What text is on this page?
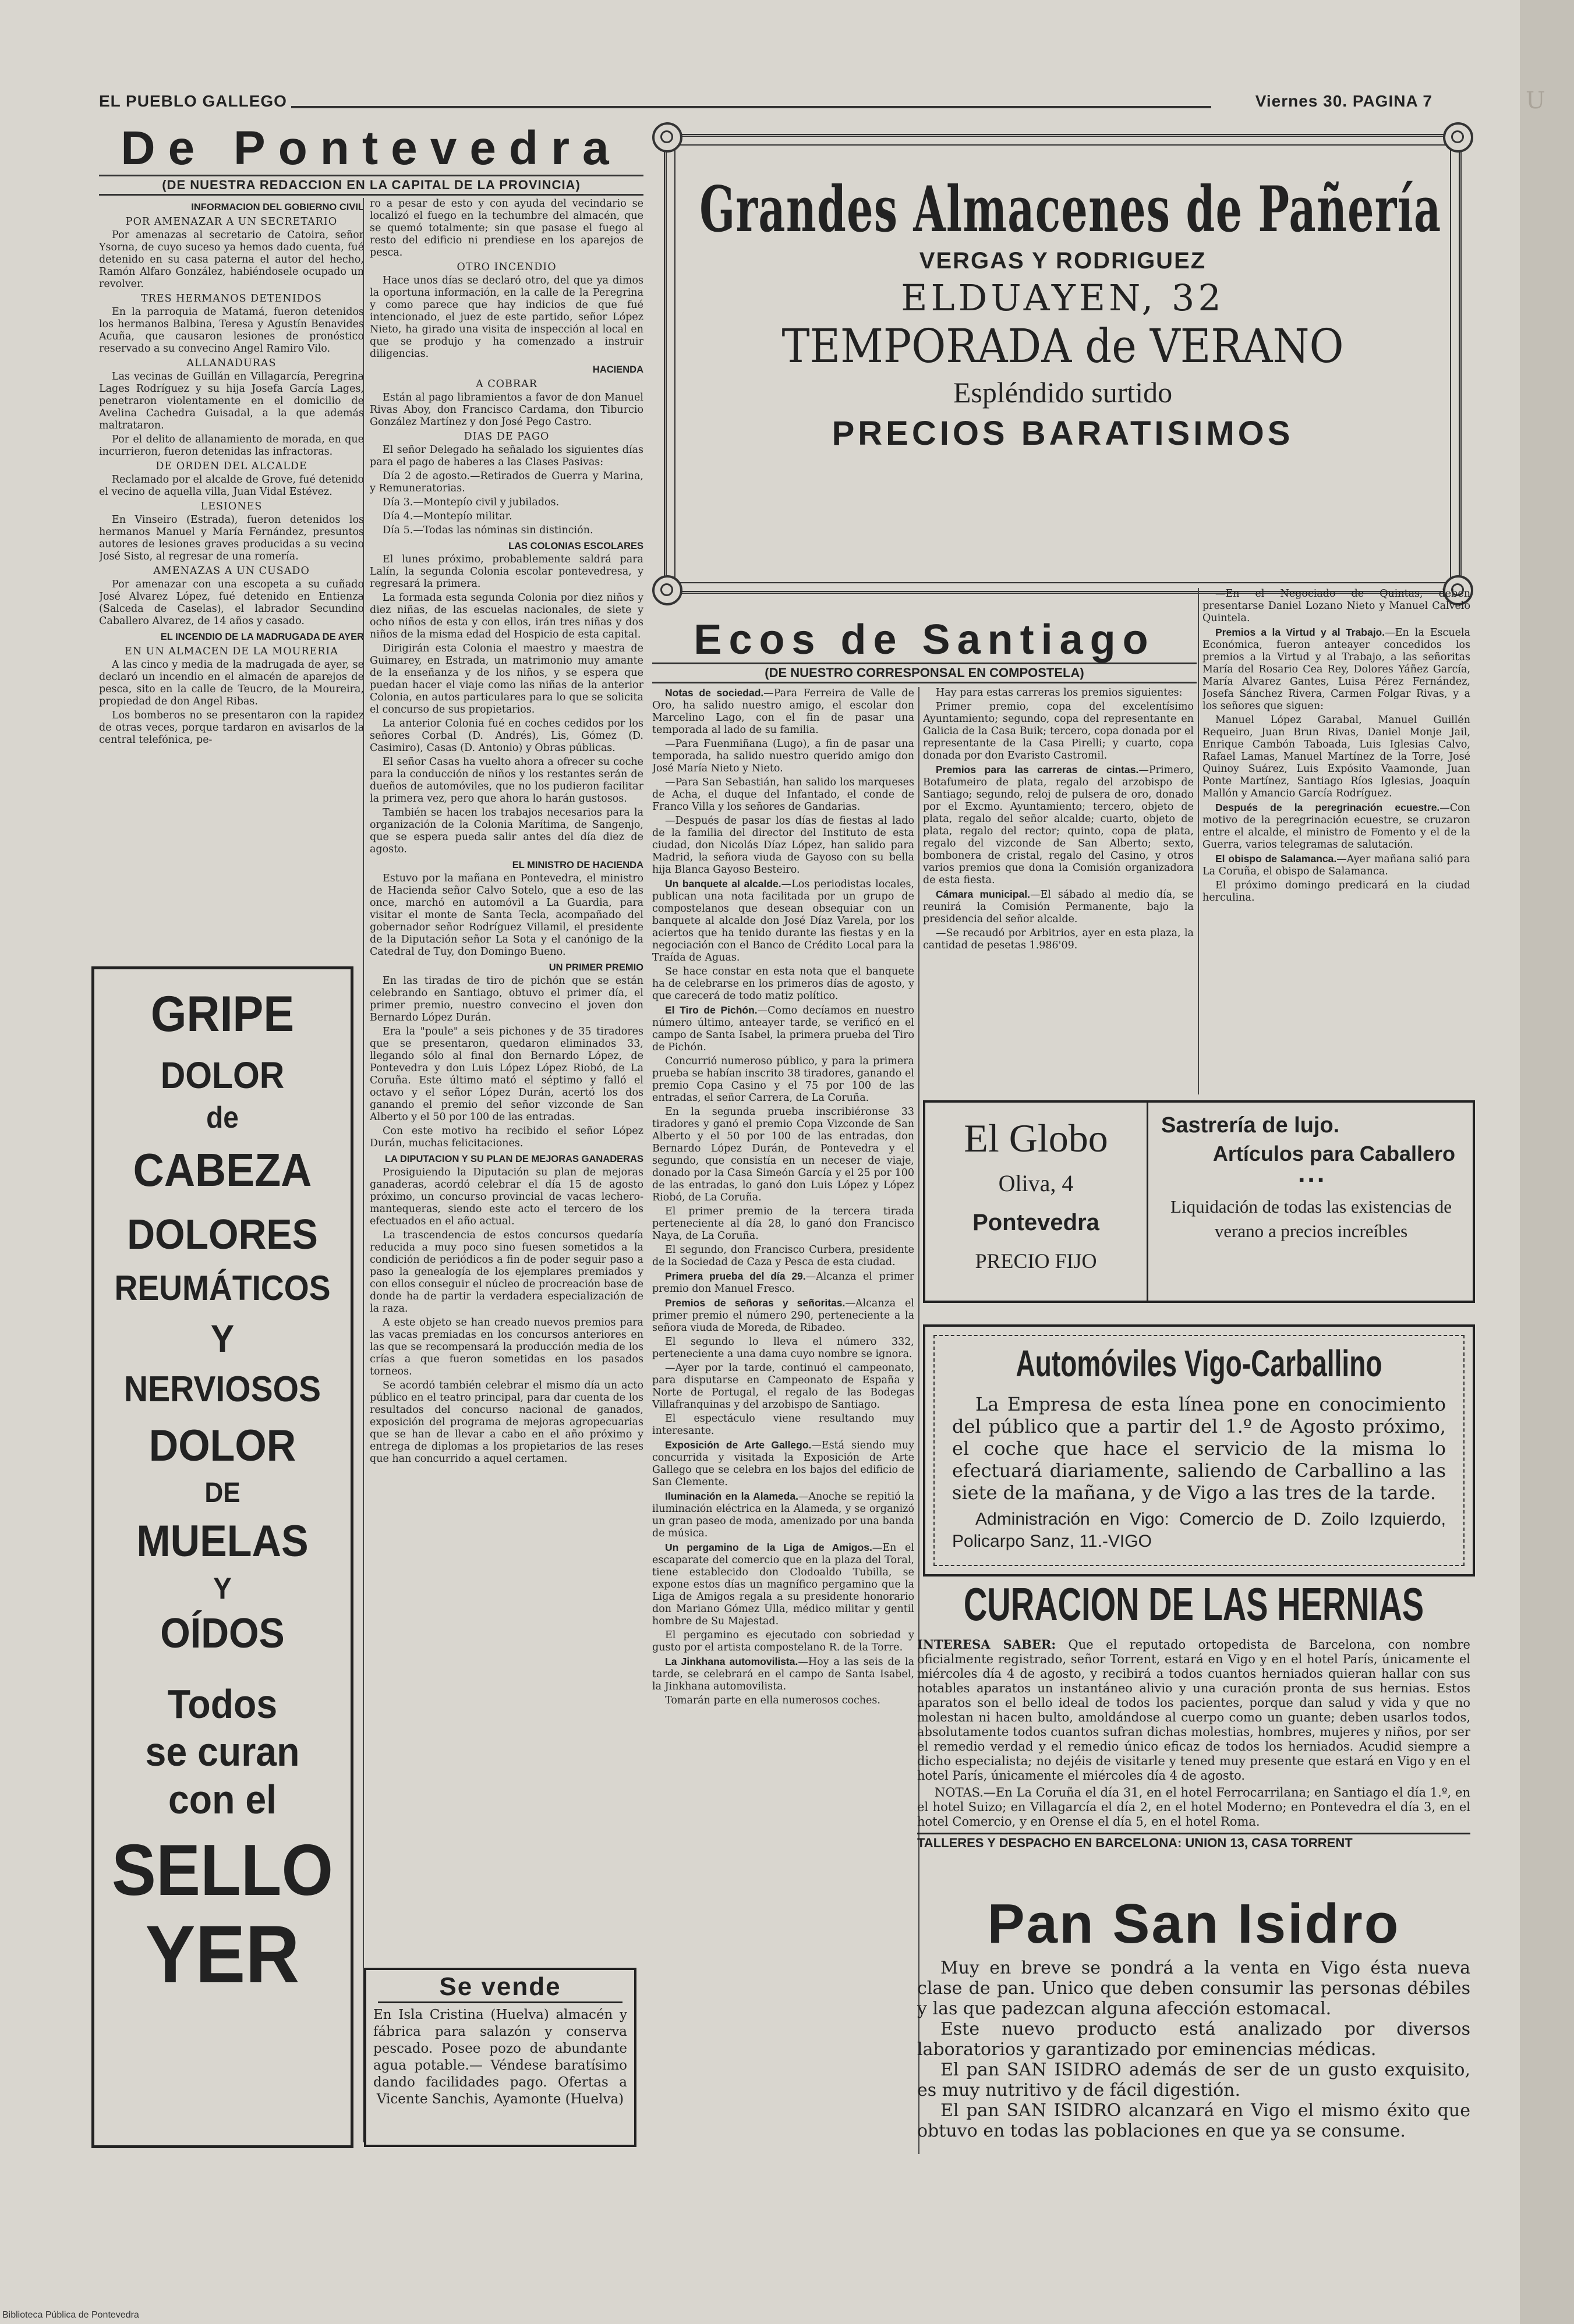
U
EL PUEBLO GALLEGO	Viernes 30. PAGINA 7
De Pontevedra
(DE NUESTRA REDACCION EN LA CAPITAL DE LA PROVINCIA)

INFORMACION DEL GOBIERNO CIVIL

POR AMENAZAR A UN SECRETARIO

Por amenazas al secretario de Catoira, señor Ysorna, de cuyo suceso ya hemos dado cuenta, fué detenido en su casa paterna el autor del hecho, Ramón Alfaro González, habiéndosele ocupado un revolver.

TRES HERMANOS DETENIDOS

En la parroquia de Matamá, fueron detenidos los hermanos Balbina, Teresa y Agustín Benavides Acuña, que causaron lesiones de pronóstico reservado a su convecino Angel Ramiro Vilo.

ALLANADURAS

Las vecinas de Guillán en Villagarcía, Peregrina Lages Rodríguez y su hija Josefa García Lages, penetraron violentamente en el domicilio de Avelina Cachedra Guisadal, a la que además maltrataron.

Por el delito de allanamiento de morada, en que incurrieron, fueron detenidas las infractoras.

DE ORDEN DEL ALCALDE

Reclamado por el alcalde de Grove, fué detenido el vecino de aquella villa, Juan Vidal Estévez.

LESIONES

En Vinseiro (Estrada), fueron detenidos los hermanos Manuel y María Fernández, presuntos autores de lesiones graves producidas a su vecino José Sisto, al regresar de una romería.

AMENAZAS A UN CUSADO

Por amenazar con una escopeta a su cuñado José Alvarez López, fué detenido en Entienza (Salceda de Caselas), el labrador Secundino Caballero Alvarez, de 14 años y casado.

EL INCENDIO DE LA MADRUGADA DE AYER

EN UN ALMACEN DE LA MOURERIA

A las cinco y media de la madrugada de ayer, se declaró un incendio en el almacén de aparejos de pesca, sito en la calle de Teucro, de la Moureira, propiedad de don Angel Ribas.

Los bomberos no se presentaron con la rapidez de otras veces, porque tardaron en avisarlos de la central telefónica, pe-

ro a pesar de esto y con ayuda del vecindario se localizó el fuego en la techumbre del almacén, que se quemó totalmente; sin que pasase el fuego al resto del edificio ni prendiese en los aparejos de pesca.

OTRO INCENDIO

Hace unos días se declaró otro, del que ya dimos la oportuna información, en la calle de la Peregrina y como parece que hay indicios de que fué intencionado, el juez de este partido, señor López Nieto, ha girado una visita de inspección al local en que se produjo y ha comenzado a instruir diligencias.

HACIENDA

A COBRAR

Están al pago libramientos a favor de don Manuel Rivas Aboy, don Francisco Cardama, don Tiburcio González Martínez y don José Pego Castro.

DIAS DE PAGO

El señor Delegado ha señalado los siguientes días para el pago de haberes a las Clases Pasivas:

Día 2 de agosto.—Retirados de Guerra y Marina, y Remuneratorias.

Día 3.—Montepío civil y jubilados.

Día 4.—Montepío militar.

Día 5.—Todas las nóminas sin distinción.

LAS COLONIAS ESCOLARES

El lunes próximo, probablemente saldrá para Lalín, la segunda Colonia escolar pontevedresa, y regresará la primera.

La formada esta segunda Colonia por diez niños y diez niñas, de las escuelas nacionales, de siete y ocho niños de esta y con ellos, irán tres niñas y dos niños de la misma edad del Hospicio de esta capital.

Dirigirán esta Colonia el maestro y maestra de Guimarey, en Estrada, un matrimonio muy amante de la enseñanza y de los niños, y se espera que puedan hacer el viaje como las niñas de la anterior Colonia, en autos particulares para lo que se solicita el concurso de sus propietarios.

La anterior Colonia fué en coches cedidos por los señores Corbal (D. Andrés), Lis, Gómez (D. Casimiro), Casas (D. Antonio) y Obras públicas.

El señor Casas ha vuelto ahora a ofrecer su coche para la conducción de niños y los restantes serán de dueños de automóviles, que no los pudieron facilitar la primera vez, pero que ahora lo harán gustosos.

También se hacen los trabajos necesarios para la organización de la Colonia Marítima, de Sangenjo, que se espera pueda salir antes del día diez de agosto.

EL MINISTRO DE HACIENDA

Estuvo por la mañana en Pontevedra, el ministro de Hacienda señor Calvo Sotelo, que a eso de las once, marchó en automóvil a La Guardia, para visitar el monte de Santa Tecla, acompañado del gobernador señor Rodríguez Villamil, el presidente de la Diputación señor La Sota y el canónigo de la Catedral de Tuy, don Domingo Bueno.

UN PRIMER PREMIO

En las tiradas de tiro de pichón que se están celebrando en Santiago, obtuvo el primer día, el primer premio, nuestro convecino el joven don Bernardo López Durán.

Era la "poule" a seis pichones y de 35 tiradores que se presentaron, quedaron eliminados 33, llegando sólo al final don Bernardo López, de Pontevedra y don Luis López López Riobó, de La Coruña. Este último mató el séptimo y falló el octavo y el señor López Durán, acertó los dos ganando el premio del señor vizconde de San Alberto y el 50 por 100 de las entradas.

Con este motivo ha recibido el señor López Durán, muchas felicitaciones.

LA DIPUTACION Y SU PLAN DE MEJORAS GANADERAS

Prosiguiendo la Diputación su plan de mejoras ganaderas, acordó celebrar el día 15 de agosto próximo, un concurso provincial de vacas lechero-mantequeras, siendo este acto el tercero de los efectuados en el año actual.

La trascendencia de estos concursos quedaría reducida a muy poco sino fuesen sometidos a la condición de periódicos a fin de poder seguir paso a paso la genealogía de los ejemplares premiados y con ellos conseguir el núcleo de procreación base de donde ha de partir la verdadera especialización de la raza.

A este objeto se han creado nuevos premios para las vacas premiadas en los concursos anteriores en las que se recompensará la producción media de los crías a que fueron sometidas en los pasados torneos.

Se acordó también celebrar el mismo día un acto público en el teatro principal, para dar cuenta de los resultados del concurso nacional de ganados, exposición del programa de mejoras agropecuarias que se han de llevar a cabo en el año próximo y entrega de diplomas a los propietarios de las reses que han concurrido a aquel certamen.

GRIPE
DOLOR
de
CABEZA
DOLORES
REUMÁTICOS
Y
NERVIOSOS
DOLOR
DE
MUELAS
Y
OÍDOS
Todos
se curan
con el
SELLO
YER	Se vende
En Isla Cristina (Huelva) almacén y fábrica para salazón y conserva pescado. Posee pozo de abundante agua potable.— Véndese baratísimo dando facilidades pago. Ofertas a Vicente Sanchis, Ayamonte (Huelva)
Grandes Almacenes de Pañería
VERGAS Y RODRIGUEZ
ELDUAYEN, 32
TEMPORADA de VERANO
Espléndido surtido
PRECIOS BARATISIMOS
Ecos de Santiago
(DE NUESTRO CORRESPONSAL EN COMPOSTELA)

Notas de sociedad.—Para Ferreira de Valle de Oro, ha salido nuestro amigo, el escolar don Marcelino Lago, con el fin de pasar una temporada al lado de su familia.

—Para Fuenmiñana (Lugo), a fin de pasar una temporada, ha salido nuestro querido amigo don José María Nieto y Nieto.

—Para San Sebastián, han salido los marqueses de Acha, el duque del Infantado, el conde de Franco Villa y los señores de Gandarias.

—Después de pasar los días de fiestas al lado de la familia del director del Instituto de esta ciudad, don Nicolás Díaz López, han salido para Madrid, la señora viuda de Gayoso con su bella hija Blanca Gayoso Besteiro.

Un banquete al alcalde.—Los periodistas locales, publican una nota facilitada por un grupo de compostelanos que desean obsequiar con un banquete al alcalde don José Díaz Varela, por los aciertos que ha tenido durante las fiestas y en la negociación con el Banco de Crédito Local para la Traída de Aguas.

Se hace constar en esta nota que el banquete ha de celebrarse en los primeros días de agosto, y que carecerá de todo matiz político.

El Tiro de Pichón.—Como decíamos en nuestro número último, anteayer tarde, se verificó en el campo de Santa Isabel, la primera prueba del Tiro de Pichón.

Concurrió numeroso público, y para la primera prueba se habían inscrito 38 tiradores, ganando el premio Copa Casino y el 75 por 100 de las entradas, el señor Carrera, de La Coruña.

En la segunda prueba inscribiéronse 33 tiradores y ganó el premio Copa Vizconde de San Alberto y el 50 por 100 de las entradas, don Bernardo López Durán, de Pontevedra y el segundo, que consistía en un neceser de viaje, donado por la Casa Simeón García y el 25 por 100 de las entradas, lo ganó don Luis López y López Riobó, de La Coruña.

El primer premio de la tercera tirada perteneciente al día 28, lo ganó don Francisco Naya, de La Coruña.

El segundo, don Francisco Curbera, presidente de la Sociedad de Caza y Pesca de esta ciudad.

Primera prueba del día 29.—Alcanza el primer premio don Manuel Fresco.

Premios de señoras y señoritas.—Alcanza el primer premio el número 290, perteneciente a la señora viuda de Moreda, de Ribadeo.

El segundo lo lleva el número 332, perteneciente a una dama cuyo nombre se ignora.

—Ayer por la tarde, continuó el campeonato, para disputarse en Campeonato de España y Norte de Portugal, el regalo de las Bodegas Villafranquinas y del arzobispo de Santiago.

El espectáculo viene resultando muy interesante.

Exposición de Arte Gallego.—Está siendo muy concurrida y visitada la Exposición de Arte Gallego que se celebra en los bajos del edificio de San Clemente.

Iluminación en la Alameda.—Anoche se repitió la iluminación eléctrica en la Alameda, y se organizó un gran paseo de moda, amenizado por una banda de música.

Un pergamino de la Liga de Amigos.—En el escaparate del comercio que en la plaza del Toral, tiene establecido don Clodoaldo Tubilla, se expone estos días un magnífico pergamino que la Liga de Amigos regala a su presidente honorario don Mariano Gómez Ulla, médico militar y gentil hombre de Su Majestad.

El pergamino es ejecutado con sobriedad y gusto por el artista compostelano R. de la Torre.

La Jinkhana automovilista.—Hoy a las seis de la tarde, se celebrará en el campo de Santa Isabel, la Jinkhana automovilista.

Tomarán parte en ella numerosos coches.

Hay para estas carreras los premios siguientes:

Primer premio, copa del excelentísimo Ayuntamiento; segundo, copa del representante en Galicia de la Casa Buik; tercero, copa donada por el representante de la Casa Pirelli; y cuarto, copa donada por don Evaristo Castromil.

Premios para las carreras de cintas.—Primero, Botafumeiro de plata, regalo del arzobispo de Santiago; segundo, reloj de pulsera de oro, donado por el Excmo. Ayuntamiento; tercero, objeto de plata, regalo del señor alcalde; cuarto, objeto de plata, regalo del rector; quinto, copa de plata, regalo del vizconde de San Alberto; sexto, bombonera de cristal, regalo del Casino, y otros varios premios que dona la Comisión organizadora de esta fiesta.

Cámara municipal.—El sábado al medio día, se reunirá la Comisión Permanente, bajo la presidencia del señor alcalde.

—Se recaudó por Arbitrios, ayer en esta plaza, la cantidad de pesetas 1.986'09.

—En el Negociado de Quintas, deben presentarse Daniel Lozano Nieto y Manuel Calvelo Quintela.

Premios a la Virtud y al Trabajo.—En la Escuela Económica, fueron anteayer concedidos los premios a la Virtud y al Trabajo, a las señoritas María del Rosario Cea Rey, Dolores Yáñez García, María Alvarez Gantes, Luisa Pérez Fernández, Josefa Sánchez Rivera, Carmen Folgar Rivas, y a los señores que siguen:

Manuel López Garabal, Manuel Guillén Requeiro, Juan Brun Rivas, Daniel Monje Jail, Enrique Cambón Taboada, Luis Iglesias Calvo, Rafael Lamas, Manuel Martínez de la Torre, José Quinoy Suárez, Luis Expósito Vaamonde, Juan Ponte Martínez, Santiago Ríos Iglesias, Joaquín Mallón y Amancio García Rodríguez.

Después de la peregrinación ecuestre.—Con motivo de la peregrinación ecuestre, se cruzaron entre el alcalde, el ministro de Fomento y el de la Guerra, varios telegramas de salutación.

El obispo de Salamanca.—Ayer mañana salió para La Coruña, el obispo de Salamanca.

El próximo domingo predicará en la ciudad herculina.

El Globo
Oliva, 4
Pontevedra
PRECIO FIJO
Sastrería de lujo.
Artículos para Caballero
▪ ▪ ▪
Liquidación de todas las existencias de verano a precios increíbles
Automóviles Vigo-Carballino
La Empresa de esta línea pone en conocimiento del público que a partir del 1.º de Agosto próximo, el coche que hace el servicio de la misma lo efectuará diariamente, saliendo de Carballino a las siete de la mañana, y de Vigo a las tres de la tarde.
Administración en Vigo: Comercio de D. Zoilo Izquierdo, Policarpo Sanz, 11.-VIGO
CURACION DE LAS HERNIAS
INTERESA SABER: Que el reputado ortopedista de Barcelona, con nombre oficialmente registrado, señor Torrent, estará en Vigo y en el hotel París, únicamente el miércoles día 4 de agosto, y recibirá a todos cuantos herniados quieran hallar con sus notables aparatos un instantáneo alivio y una curación pronta de sus hernias. Estos aparatos son el bello ideal de todos los pacientes, porque dan salud y vida y que no molestan ni hacen bulto, amoldándose al cuerpo como un guante; deben usarlos todos, absolutamente todos cuantos sufran dichas molestias, hombres, mujeres y niños, por ser el remedio verdad y el remedio único eficaz de todos los herniados. Acudid siempre a dicho especialista; no dejéis de visitarle y tened muy presente que estará en Vigo y en el hotel París, únicamente el miércoles día 4 de agosto.
NOTAS.—En La Coruña el día 31, en el hotel Ferrocarrilana; en Santiago el día 1.º, en el hotel Suizo; en Villagarcía el día 2, en el hotel Moderno; en Pontevedra el día 3, en el hotel Comercio, y en Orense el día 5, en el hotel Roma.
TALLERES Y DESPACHO EN BARCELONA: UNION 13, CASA TORRENT
Pan San Isidro

Muy en breve se pondrá a la venta en Vigo ésta nueva clase de pan. Unico que deben consumir las personas débiles y las que padezcan alguna afección estomacal.

Este nuevo producto está analizado por diversos laboratorios y garantizado por eminencias médicas.

El pan SAN ISIDRO además de ser de un gusto exquisito, es muy nutritivo y de fácil digestión.

El pan SAN ISIDRO alcanzará en Vigo el mismo éxito que obtuvo en todas las poblaciones en que ya se consume.

Biblioteca Pública de Pontevedra
